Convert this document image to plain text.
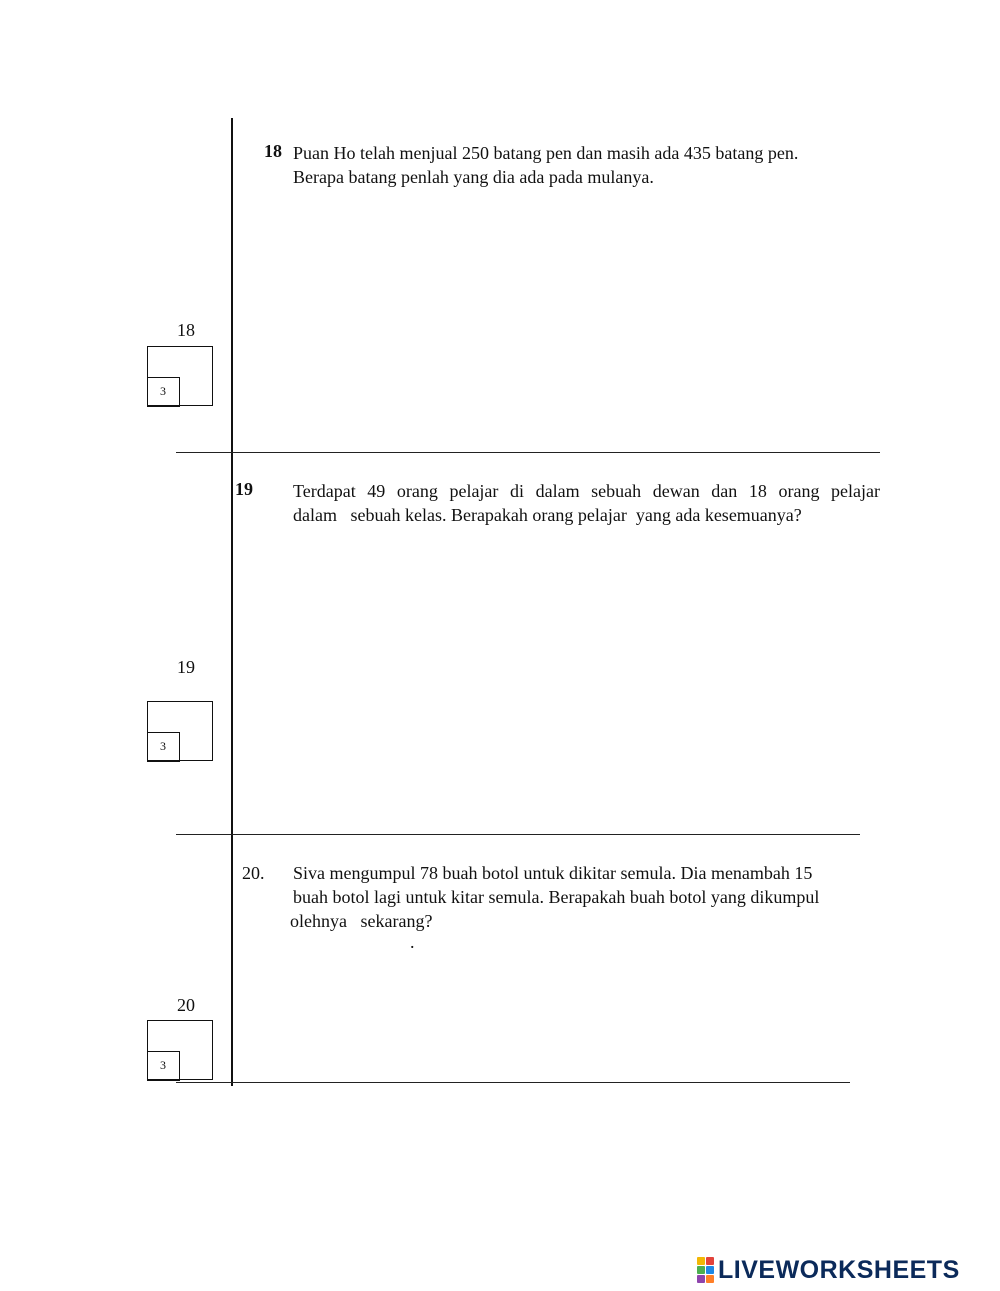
18 Puan Ho telah menjual 250 batang pen dan masih ada 435 batang pen.
Berapa batang penlah yang dia ada pada mulanya.
18
3
19 Terdapat 49 orang pelajar di dalam sebuah dewan dan 18 orang pelajar
dalam   sebuah kelas. Berapakah orang pelajar  yang ada kesemuanya?
19
3
20. Siva mengumpul 78 buah botol untuk dikitar semula. Dia menambah 15
buah botol lagi untuk kitar semula. Berapakah buah botol yang dikumpul
olehnya   sekarang?
.
20
3
LIVEWORKSHEETS
